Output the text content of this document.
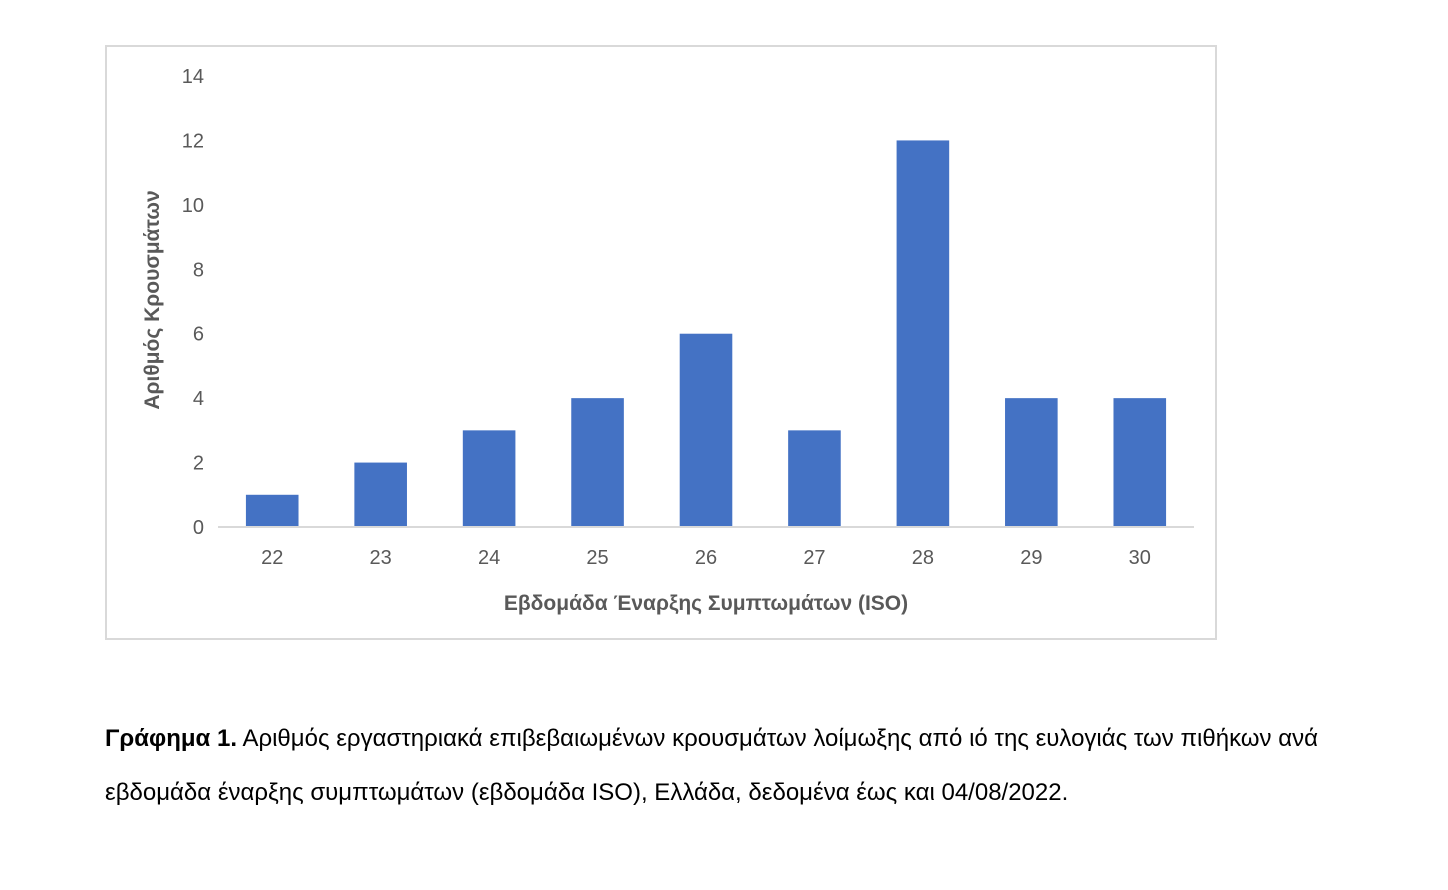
0
2
4
6
8
10
12
14
22	23	24	25	26	27	28	29	30
Εβδομάδα Έναρξης Συμπτωμάτων (ISO)
Αριθμός Κρουσμάτων
Γράφημα 1. Αριθμός εργαστηριακά επιβεβαιωμένων κρουσμάτων λοίμωξης από ιό της ευλογιάς των πιθήκων ανά εβδομάδα έναρξης συμπτωμάτων (εβδομάδα ISO), Ελλάδα, δεδομένα έως και 04/08/2022.
